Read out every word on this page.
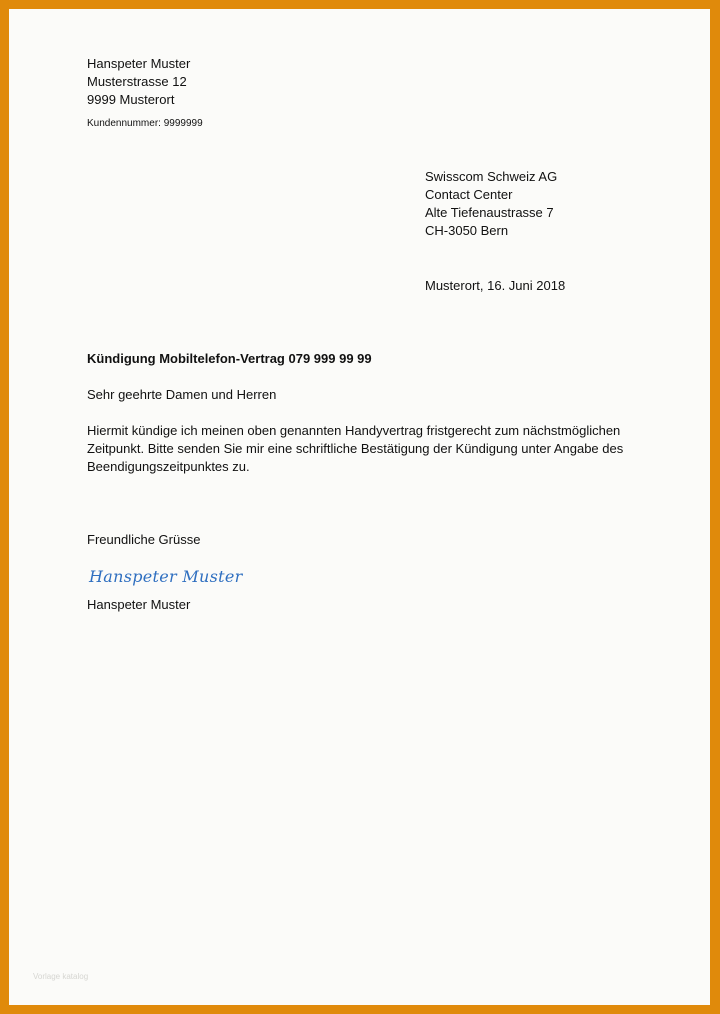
Hanspeter Muster
Musterstrasse 12
9999 Musterort
Kundennummer: 9999999
Swisscom Schweiz AG
Contact Center
Alte Tiefenaustrasse 7
CH-3050 Bern
Musterort, 16. Juni 2018
Kündigung Mobiltelefon-Vertrag 079 999 99 99
Sehr geehrte Damen und Herren
Hiermit kündige ich meinen oben genannten Handyvertrag fristgerecht zum nächstmöglichen
Zeitpunkt. Bitte senden Sie mir eine schriftliche Bestätigung der Kündigung unter Angabe des
Beendigungszeitpunktes zu.
Freundliche Grüsse
Hanspeter Muster
Hanspeter Muster
Vorlage katalog
